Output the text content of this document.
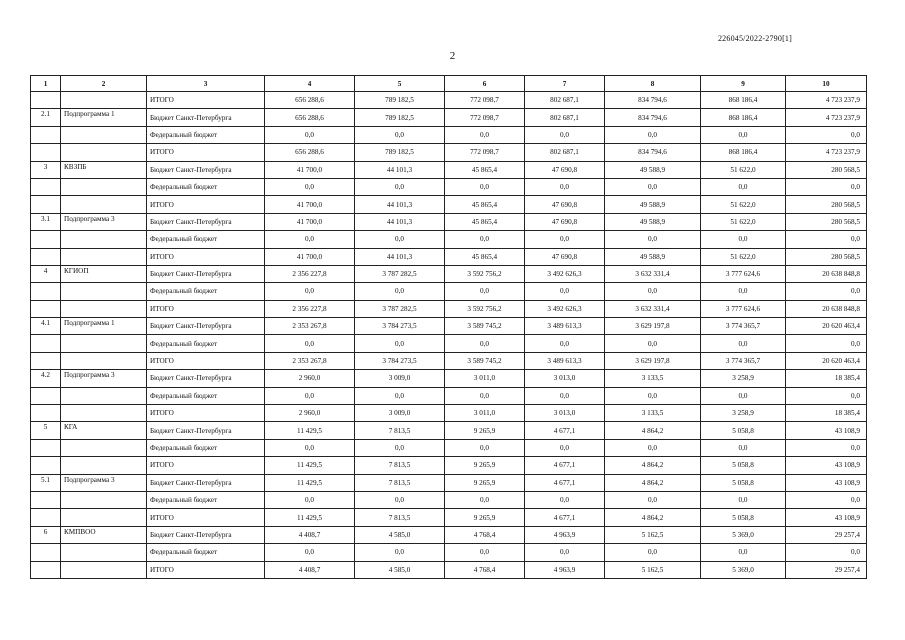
226045/2022-2790[1]
2
1	2	3	4	5	6	7	8	9	10
		ИТОГО	656 288,6	789 182,5	772 098,7	802 687,1	834 794,6	868 186,4	4 723 237,9
2.1	Подпрограмма 1	Бюджет Санкт-Петербурга	656 288,6	789 182,5	772 098,7	802 687,1	834 794,6	868 186,4	4 723 237,9
		Федеральный бюджет	0,0	0,0	0,0	0,0	0,0	0,0	0,0
		ИТОГО	656 288,6	789 182,5	772 098,7	802 687,1	834 794,6	868 186,4	4 723 237,9
3	КВЗПБ	Бюджет Санкт-Петербурга	41 700,0	44 101,3	45 865,4	47 690,8	49 588,9	51 622,0	280 568,5
		Федеральный бюджет	0,0	0,0	0,0	0,0	0,0	0,0	0,0
		ИТОГО	41 700,0	44 101,3	45 865,4	47 690,8	49 588,9	51 622,0	280 568,5
3.1	Подпрограмма 3	Бюджет Санкт-Петербурга	41 700,0	44 101,3	45 865,4	47 690,8	49 588,9	51 622,0	280 568,5
		Федеральный бюджет	0,0	0,0	0,0	0,0	0,0	0,0	0,0
		ИТОГО	41 700,0	44 101,3	45 865,4	47 690,8	49 588,9	51 622,0	280 568,5
4	КГИОП	Бюджет Санкт-Петербурга	2 356 227,8	3 787 282,5	3 592 756,2	3 492 626,3	3 632 331,4	3 777 624,6	20 638 848,8
		Федеральный бюджет	0,0	0,0	0,0	0,0	0,0	0,0	0,0
		ИТОГО	2 356 227,8	3 787 282,5	3 592 756,2	3 492 626,3	3 632 331,4	3 777 624,6	20 638 848,8
4.1	Подпрограмма 1	Бюджет Санкт-Петербурга	2 353 267,8	3 784 273,5	3 589 745,2	3 489 613,3	3 629 197,8	3 774 365,7	20 620 463,4
		Федеральный бюджет	0,0	0,0	0,0	0,0	0,0	0,0	0,0
		ИТОГО	2 353 267,8	3 784 273,5	3 589 745,2	3 489 613,3	3 629 197,8	3 774 365,7	20 620 463,4
4.2	Подпрограмма 3	Бюджет Санкт-Петербурга	2 960,0	3 009,0	3 011,0	3 013,0	3 133,5	3 258,9	18 385,4
		Федеральный бюджет	0,0	0,0	0,0	0,0	0,0	0,0	0,0
		ИТОГО	2 960,0	3 009,0	3 011,0	3 013,0	3 133,5	3 258,9	18 385,4
5	КГА	Бюджет Санкт-Петербурга	11 429,5	7 813,5	9 265,9	4 677,1	4 864,2	5 058,8	43 108,9
		Федеральный бюджет	0,0	0,0	0,0	0,0	0,0	0,0	0,0
		ИТОГО	11 429,5	7 813,5	9 265,9	4 677,1	4 864,2	5 058,8	43 108,9
5.1	Подпрограмма 3	Бюджет Санкт-Петербурга	11 429,5	7 813,5	9 265,9	4 677,1	4 864,2	5 058,8	43 108,9
		Федеральный бюджет	0,0	0,0	0,0	0,0	0,0	0,0	0,0
		ИТОГО	11 429,5	7 813,5	9 265,9	4 677,1	4 864,2	5 058,8	43 108,9
6	КМПВОО	Бюджет Санкт-Петербурга	4 408,7	4 585,0	4 768,4	4 963,9	5 162,5	5 369,0	29 257,4
		Федеральный бюджет	0,0	0,0	0,0	0,0	0,0	0,0	0,0
		ИТОГО	4 408,7	4 585,0	4 768,4	4 963,9	5 162,5	5 369,0	29 257,4
